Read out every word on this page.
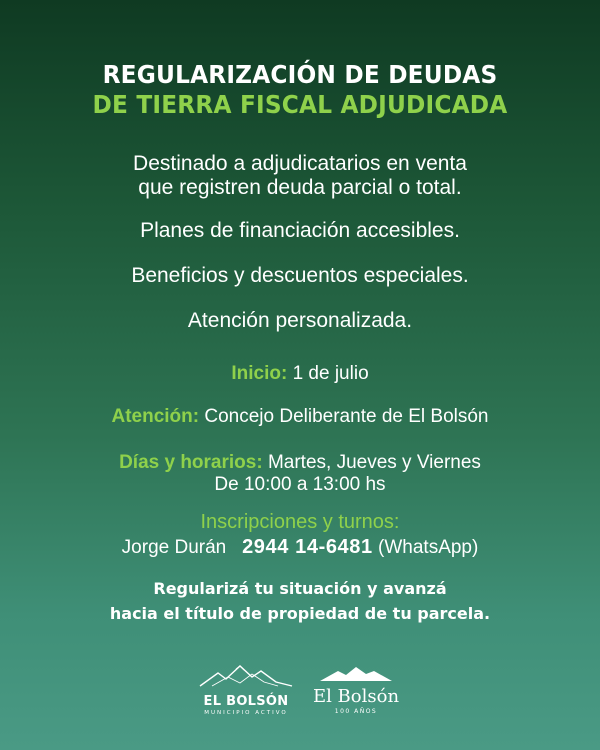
REGULARIZACIÓN DE DEUDAS
DE TIERRA FISCAL ADJUDICADA
Destinado a adjudicatarios en venta
que registren deuda parcial o total.
Planes de financiación accesibles.
Beneficios y descuentos especiales.
Atención personalizada.
Inicio: 1 de julio
Atención: Concejo Deliberante de El Bolsón
Días y horarios: Martes, Jueves y Viernes
De 10:00 a 13:00 hs
Inscripciones y turnos:
Jorge Durán 2944 14-6481 (WhatsApp)
Regularizá tu situación y avanzá
hacia el título de propiedad de tu parcela.
EL BOLSÓN
MUNICIPIO ACTIVO
El Bolsón
100 AÑOS
